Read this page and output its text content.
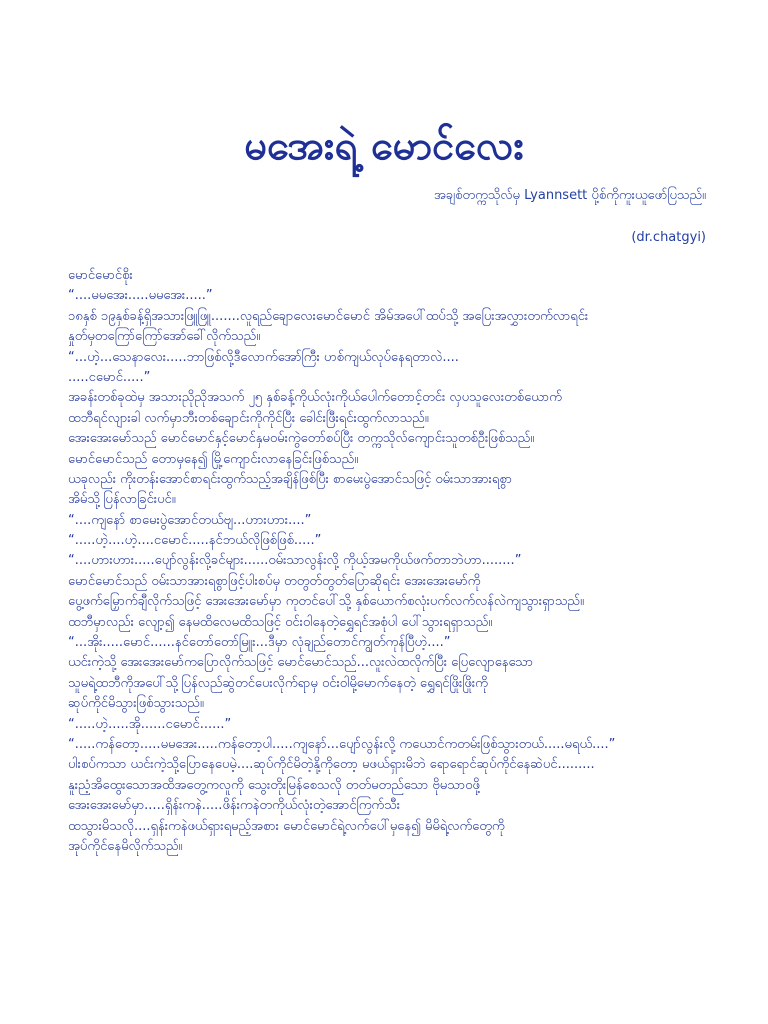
မအေးရဲ့ မောင်လေး
အချစ်တက္ကသိုလ်မှ Lyannsett ပို့စ်ကိုကူးယူဖော်ပြသည်။
(dr.chatgyi)
မောင်မောင်စိုး
“....မမအေး.....မမအေး.....”
၁၈နှစ် ၁၉နှစ်ခန့်ရှိအသားဖြူဖြူ.......လူရည်ချောလေးမောင်မောင် အိမ်အပေါ်ထပ်သို့ အပြေးအလွှားတက်လာရင်း
နှုတ်မှတကြော်ကြော်အော်ခေါ်လိုက်သည်။
“...ဟဲ့...သေနာလေး.....ဘာဖြစ်လို့ဒီလောက်အော်ကြီး ဟစ်ကျယ်လုပ်နေရတာလဲ....
.....ငမောင်.....”
အခန်းတစ်ခုထဲမှ အသားညိုညိုအသက် ၂၅ နှစ်ခန့်ကိုယ်လုံးကိုယ်ပေါက်တောင့်တင်း လှပသူလေးတစ်ယောက်
ထဘီရင်လျားခါ လက်မှာဘီးတစ်ချောင်းကိုကိုင်ပြီး ခေါင်းဖြီးရင်းထွက်လာသည်။
အေးအေးမော်သည် မောင်မောင်နှင့်မောင်နှမဝမ်းကွဲတော်စပ်ပြီး တက္ကသိုလ်ကျောင်းသူတစ်ဦးဖြစ်သည်။
မောင်မောင်သည် တောမှနေ၍ မြို့ကျောင်းလာနေခြင်းဖြစ်သည်။
ယခုလည်း ကိုးတန်းအောင်စာရင်းထွက်သည့်အချိန်ဖြစ်ပြီး စာမေးပွဲအောင်သဖြင့် ဝမ်းသာအားရစွာ
အိမ်သို့ပြန်လာခြင်းပင်။
“....ကျနော် စာမေးပွဲအောင်တယ်ဗျ...ဟားဟား....”
“.....ဟဲ့....ဟဲ့....ငမောင်.....နင်ဘယ်လိုဖြစ်ဖြစ်.....”
“....ဟားဟား.....ပျော်လွန်းလို့ခင်များ......ဝမ်းသာလွန်းလို့ ကိုယ့်အမကိုယ်ဖက်တာဘဲဟာ........”
မောင်မောင်သည် ဝမ်းသာအားရစွာဖြင့်ပါးစပ်မှ တတွတ်တွတ်ပြောဆိုရင်း အေးအေးမော်ကို
ပွေ့ဖက်မြှောက်ချီလိုက်သဖြင့် အေးအေးမော်မှာ ကုတင်ပေါ်သို့ နှစ်ယောက်စလုံးပက်လက်လန်လဲကျသွားရှာသည်။
ထဘီမှာလည်း လျော့၍ နေမထိလေမထိသဖြင့် ဝင်းဝါနေတဲ့ရွှေရင်အစုံပါ ပေါ်သွားရရှာသည်။
“...အိုး.....မောင်......နင်တော်တော်မြူး...ဒီမှာ လုံချည်တောင်ကျွတ်ကုန်ပြီဟဲ့....”
ယင်းကဲ့သို့ အေးအေးမော်ကပြောလိုက်သဖြင့် မောင်မောင်သည်...လူးလဲထလိုက်ပြီး ပြေလျောနေသော
သူမရဲ့ထဘီကိုအပေါ်သို့ပြန်လည်ဆွဲတင်ပေးလိုက်ရာမှ ဝင်းဝါမို့မောက်နေတဲ့ ရွှေရင်ဖြိုးဖြိုးကို
ဆုပ်ကိုင်မိသွားဖြစ်သွားသည်။
“.....ဟဲ့.....အို......ငမောင်......”
“.....ကန်တော့.....မမအေး.....ကန်တော့ပါ.....ကျနော်...ပျော်လွန်းလို့ ကယောင်ကတမ်းဖြစ်သွားတယ်.....မရယ်....”
ပါးစပ်ကသာ ယင်းကဲ့သို့ပြောနေပေမဲ့....ဆုပ်ကိုင်မိတဲ့နို့ကိုတော့ မဖယ်ရှားမိဘဲ ရောရောင်ဆုပ်ကိုင်နေဆဲပင်.........
နူးညံ့အိထွေးသောအထိအတွေ့ကလူကို သွေးတိုးမြန်စေသလို တတ်မတည်သော ဗိုမသာဝဖို့
အေးအေးမော်မှာ.....ရှိန်းကနဲ.....ဖိန်းကနဲတကိုယ်လုံးတဲ့အောင်ကြက်သီး
ထသွားမိသလို....ရှန်းကနဲဖယ်ရှားရမည့်အစား မောင်မောင်ရဲ့လက်ပေါ်မှနေ၍ မိမိရဲ့လက်တွေကို
အုပ်ကိုင်နေမိလိုက်သည်။
